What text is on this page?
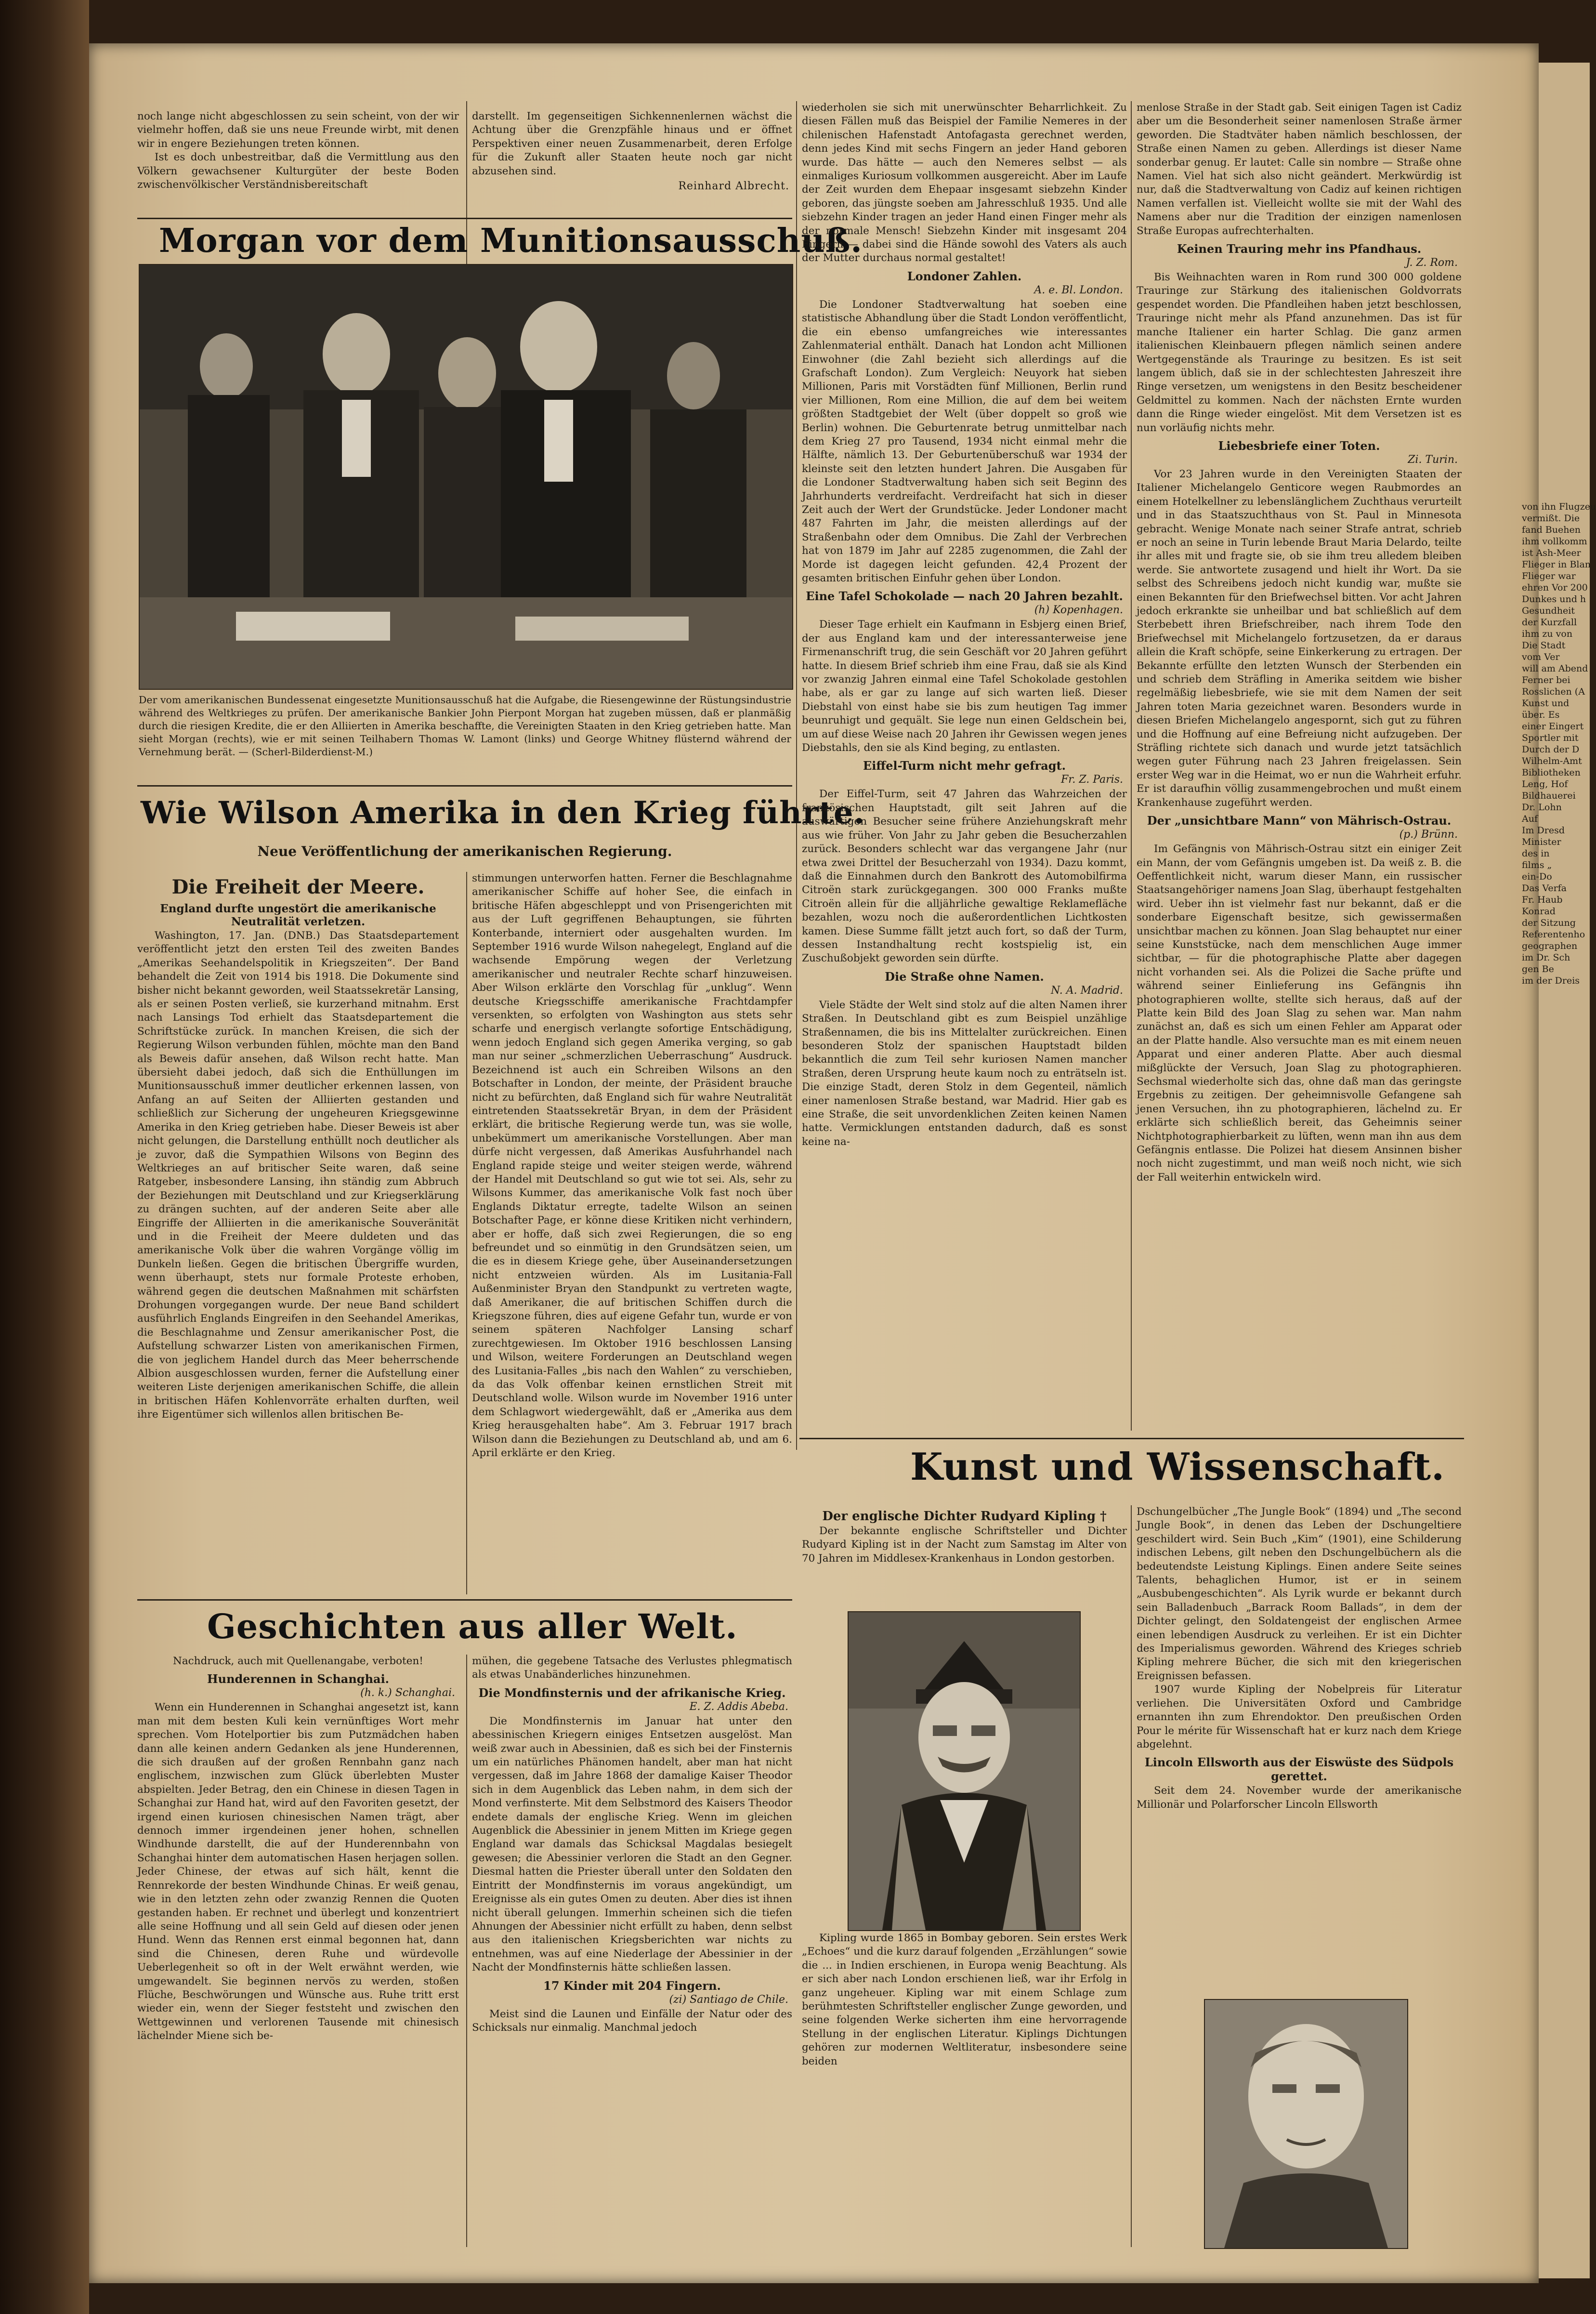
noch lange nicht abgeschlossen zu sein scheint, von der wir vielmehr hoffen, daß sie uns neue Freunde wirbt, mit denen wir in engere Beziehungen treten können.

Ist es doch unbestreitbar, daß die Vermittlung aus den Völkern gewachsener Kulturgüter der beste Boden zwischenvölkischer Verständnisbereitschaft

darstellt. Im gegenseitigen Sichkennenlernen wächst die Achtung über die Grenzpfähle hinaus und er öffnet Perspektiven einer neuen Zusammenarbeit, deren Erfolge für die Zukunft aller Staaten heute noch gar nicht abzusehen sind.

Reinhard Albrecht.

Morgan vor dem Munitionsausschuß.

Der vom amerikanischen Bundessenat eingesetzte Munitionsausschuß hat die Aufgabe, die Riesengewinne der Rüstungsindustrie während des Weltkrieges zu prüfen. Der amerikanische Bankier John Pierpont Morgan hat zugeben müssen, daß er planmäßig durch die riesigen Kredite, die er den Alliierten in Amerika beschaffte, die Vereinigten Staaten in den Krieg getrieben hatte. Man sieht Morgan (rechts), wie er mit seinen Teilhabern Thomas W. Lamont (links) und George Whitney flüsternd während der Vernehmung berät. — (Scherl-Bilderdienst-M.)

Wie Wilson Amerika in den Krieg führte.

Neue Veröffentlichung der amerikanischen Regierung.

Die Freiheit der Meere.

England durfte ungestört die amerikanische Neutralität verletzen.

Washington, 17. Jan. (DNB.) Das Staatsdepartement veröffentlicht jetzt den ersten Teil des zweiten Bandes „Amerikas Seehandelspolitik in Kriegszeiten“. Der Band behandelt die Zeit von 1914 bis 1918. Die Dokumente sind bisher nicht bekannt geworden, weil Staatssekretär Lansing, als er seinen Posten verließ, sie kurzerhand mitnahm. Erst nach Lansings Tod erhielt das Staatsdepartement die Schriftstücke zurück. In manchen Kreisen, die sich der Regierung Wilson verbunden fühlen, möchte man den Band als Beweis dafür ansehen, daß Wilson recht hatte. Man übersieht dabei jedoch, daß sich die Enthüllungen im Munitionsausschuß immer deutlicher erkennen lassen, von Anfang an auf Seiten der Alliierten gestanden und schließlich zur Sicherung der ungeheuren Kriegsgewinne Amerika in den Krieg getrieben habe. Dieser Beweis ist aber nicht gelungen, die Darstellung enthüllt noch deutlicher als je zuvor, daß die Sympathien Wilsons von Beginn des Weltkrieges an auf britischer Seite waren, daß seine Ratgeber, insbesondere Lansing, ihn ständig zum Abbruch der Beziehungen mit Deutschland und zur Kriegserklärung zu drängen suchten, auf der anderen Seite aber alle Eingriffe der Alliierten in die amerikanische Souveränität und in die Freiheit der Meere duldeten und das amerikanische Volk über die wahren Vorgänge völlig im Dunkeln ließen. Gegen die britischen Übergriffe wurden, wenn überhaupt, stets nur formale Proteste erhoben, während gegen die deutschen Maßnahmen mit schärfsten Drohungen vorgegangen wurde. Der neue Band schildert ausführlich Englands Eingreifen in den Seehandel Amerikas, die Beschlagnahme und Zensur amerikanischer Post, die Aufstellung schwarzer Listen von amerikanischen Firmen, die von jeglichem Handel durch das Meer beherrschende Albion ausgeschlossen wurden, ferner die Aufstellung einer weiteren Liste derjenigen amerikanischen Schiffe, die allein in britischen Häfen Kohlenvorräte erhalten durften, weil ihre Eigentümer sich willenlos allen britischen Be-

stimmungen unterworfen hatten. Ferner die Beschlagnahme amerikanischer Schiffe auf hoher See, die einfach in britische Häfen abgeschleppt und von Prisengerichten mit aus der Luft gegriffenen Behauptungen, sie führten Konterbande, interniert oder ausgehalten wurden. Im September 1916 wurde Wilson nahegelegt, England auf die wachsende Empörung wegen der Verletzung amerikanischer und neutraler Rechte scharf hinzuweisen. Aber Wilson erklärte den Vorschlag für „unklug“. Wenn deutsche Kriegsschiffe amerikanische Frachtdampfer versenkten, so erfolgten von Washington aus stets sehr scharfe und energisch verlangte sofortige Entschädigung, wenn jedoch England sich gegen Amerika verging, so gab man nur seiner „schmerzlichen Ueberraschung“ Ausdruck. Bezeichnend ist auch ein Schreiben Wilsons an den Botschafter in London, der meinte, der Präsident brauche nicht zu befürchten, daß England sich für wahre Neutralität eintretenden Staatssekretär Bryan, in dem der Präsident erklärt, die britische Regierung werde tun, was sie wolle, unbekümmert um amerikanische Vorstellungen. Aber man dürfe nicht vergessen, daß Amerikas Ausfuhrhandel nach England rapide steige und weiter steigen werde, während der Handel mit Deutschland so gut wie tot sei. Als, sehr zu Wilsons Kummer, das amerikanische Volk fast noch über Englands Diktatur erregte, tadelte Wilson an seinen Botschafter Page, er könne diese Kritiken nicht verhindern, aber er hoffe, daß sich zwei Regierungen, die so eng befreundet und so einmütig in den Grundsätzen seien, um die es in diesem Kriege gehe, über Auseinandersetzungen nicht entzweien würden. Als im Lusitania-Fall Außenminister Bryan den Standpunkt zu vertreten wagte, daß Amerikaner, die auf britischen Schiffen durch die Kriegszone führen, dies auf eigene Gefahr tun, wurde er von seinem späteren Nachfolger Lansing scharf zurechtgewiesen. Im Oktober 1916 beschlossen Lansing und Wilson, weitere Forderungen an Deutschland wegen des Lusitania-Falles „bis nach den Wahlen“ zu verschieben, da das Volk offenbar keinen ernstlichen Streit mit Deutschland wolle. Wilson wurde im November 1916 unter dem Schlagwort wiedergewählt, daß er „Amerika aus dem Krieg herausgehalten habe“. Am 3. Februar 1917 brach Wilson dann die Beziehungen zu Deutschland ab, und am 6. April erklärte er den Krieg.

Geschichten aus aller Welt.

Nachdruck, auch mit Quellenangabe, verboten!

Hunderennen in Schanghai.

(h. k.) Schanghai.

Wenn ein Hunderennen in Schanghai angesetzt ist, kann man mit dem besten Kuli kein vernünftiges Wort mehr sprechen. Vom Hotelportier bis zum Putzmädchen haben dann alle keinen andern Gedanken als jene Hunderennen, die sich draußen auf der großen Rennbahn ganz nach englischem, inzwischen zum Glück überlebten Muster abspielten. Jeder Betrag, den ein Chinese in diesen Tagen in Schanghai zur Hand hat, wird auf den Favoriten gesetzt, der irgend einen kuriosen chinesischen Namen trägt, aber dennoch immer irgendeinen jener hohen, schnellen Windhunde darstellt, die auf der Hunderennbahn von Schanghai hinter dem automatischen Hasen herjagen sollen. Jeder Chinese, der etwas auf sich hält, kennt die Rennrekorde der besten Windhunde Chinas. Er weiß genau, wie in den letzten zehn oder zwanzig Rennen die Quoten gestanden haben. Er rechnet und überlegt und konzentriert alle seine Hoffnung und all sein Geld auf diesen oder jenen Hund. Wenn das Rennen erst einmal begonnen hat, dann sind die Chinesen, deren Ruhe und würdevolle Ueberlegenheit so oft in der Welt erwähnt werden, wie umgewandelt. Sie beginnen nervös zu werden, stoßen Flüche, Beschwörungen und Wünsche aus. Ruhe tritt erst wieder ein, wenn der Sieger feststeht und zwischen den Wettgewinnen und verlorenen Tausende mit chinesisch lächelnder Miene sich be-

mühen, die gegebene Tatsache des Verlustes phlegmatisch als etwas Unabänderliches hinzunehmen.

Die Mondfinsternis und der afrikanische Krieg.

E. Z. Addis Abeba.

Die Mondfinsternis im Januar hat unter den abessinischen Kriegern einiges Entsetzen ausgelöst. Man weiß zwar auch in Abessinien, daß es sich bei der Finsternis um ein natürliches Phänomen handelt, aber man hat nicht vergessen, daß im Jahre 1868 der damalige Kaiser Theodor sich in dem Augenblick das Leben nahm, in dem sich der Mond verfinsterte. Mit dem Selbstmord des Kaisers Theodor endete damals der englische Krieg. Wenn im gleichen Augenblick die Abessinier in jenem Mitten im Kriege gegen England war damals das Schicksal Magdalas besiegelt gewesen; die Abessinier verloren die Stadt an den Gegner. Diesmal hatten die Priester überall unter den Soldaten den Eintritt der Mondfinsternis im voraus angekündigt, um Ereignisse als ein gutes Omen zu deuten. Aber dies ist ihnen nicht überall gelungen. Immerhin scheinen sich die tiefen Ahnungen der Abessinier nicht erfüllt zu haben, denn selbst aus den italienischen Kriegsberichten war nichts zu entnehmen, was auf eine Niederlage der Abessinier in der Nacht der Mondfinsternis hätte schließen lassen.

17 Kinder mit 204 Fingern.

(zi) Santiago de Chile.

Meist sind die Launen und Einfälle der Natur oder des Schicksals nur einmalig. Manchmal jedoch

wiederholen sie sich mit unerwünschter Beharrlichkeit. Zu diesen Fällen muß das Beispiel der Familie Nemeres in der chilenischen Hafenstadt Antofagasta gerechnet werden, denn jedes Kind mit sechs Fingern an jeder Hand geboren wurde. Das hätte — auch den Nemeres selbst — als einmaliges Kuriosum vollkommen ausgereicht. Aber im Laufe der Zeit wurden dem Ehepaar insgesamt siebzehn Kinder geboren, das jüngste soeben am Jahresschluß 1935. Und alle siebzehn Kinder tragen an jeder Hand einen Finger mehr als der normale Mensch! Siebzehn Kinder mit insgesamt 204 Fingern — dabei sind die Hände sowohl des Vaters als auch der Mutter durchaus normal gestaltet!

Londoner Zahlen.

A. e. Bl. London.

Die Londoner Stadtverwaltung hat soeben eine statistische Abhandlung über die Stadt London veröffentlicht, die ein ebenso umfangreiches wie interessantes Zahlenmaterial enthält. Danach hat London acht Millionen Einwohner (die Zahl bezieht sich allerdings auf die Grafschaft London). Zum Vergleich: Neuyork hat sieben Millionen, Paris mit Vorstädten fünf Millionen, Berlin rund vier Millionen, Rom eine Million, die auf dem bei weitem größten Stadtgebiet der Welt (über doppelt so groß wie Berlin) wohnen. Die Geburtenrate betrug unmittelbar nach dem Krieg 27 pro Tausend, 1934 nicht einmal mehr die Hälfte, nämlich 13. Der Geburtenüberschuß war 1934 der kleinste seit den letzten hundert Jahren. Die Ausgaben für die Londoner Stadtverwaltung haben sich seit Beginn des Jahrhunderts verdreifacht. Verdreifacht hat sich in dieser Zeit auch der Wert der Grundstücke. Jeder Londoner macht 487 Fahrten im Jahr, die meisten allerdings auf der Straßenbahn oder dem Omnibus. Die Zahl der Verbrechen hat von 1879 im Jahr auf 2285 zugenommen, die Zahl der Morde ist dagegen leicht gefunden. 42,4 Prozent der gesamten britischen Einfuhr gehen über London.

Eine Tafel Schokolade — nach 20 Jahren bezahlt.

(h) Kopenhagen.

Dieser Tage erhielt ein Kaufmann in Esbjerg einen Brief, der aus England kam und der interessanterweise jene Firmenanschrift trug, die sein Geschäft vor 20 Jahren geführt hatte. In diesem Brief schrieb ihm eine Frau, daß sie als Kind vor zwanzig Jahren einmal eine Tafel Schokolade gestohlen habe, als er gar zu lange auf sich warten ließ. Dieser Diebstahl von einst habe sie bis zum heutigen Tag immer beunruhigt und gequält. Sie lege nun einen Geldschein bei, um auf diese Weise nach 20 Jahren ihr Gewissen wegen jenes Diebstahls, den sie als Kind beging, zu entlasten.

Eiffel-Turm nicht mehr gefragt.

Fr. Z. Paris.

Der Eiffel-Turm, seit 47 Jahren das Wahrzeichen der französischen Hauptstadt, gilt seit Jahren auf die auswärtigen Besucher seine frühere Anziehungskraft mehr aus wie früher. Von Jahr zu Jahr geben die Besucherzahlen zurück. Besonders schlecht war das vergangene Jahr (nur etwa zwei Drittel der Besucherzahl von 1934). Dazu kommt, daß die Einnahmen durch den Bankrott des Automobilfirma Citroën stark zurückgegangen. 300 000 Franks mußte Citroën allein für die alljährliche gewaltige Reklamefläche bezahlen, wozu noch die außerordentlichen Lichtkosten kamen. Diese Summe fällt jetzt auch fort, so daß der Turm, dessen Instandhaltung recht kostspielig ist, ein Zuschußobjekt geworden sein dürfte.

Die Straße ohne Namen.

N. A. Madrid.

Viele Städte der Welt sind stolz auf die alten Namen ihrer Straßen. In Deutschland gibt es zum Beispiel unzählige Straßennamen, die bis ins Mittelalter zurückreichen. Einen besonderen Stolz der spanischen Hauptstadt bilden bekanntlich die zum Teil sehr kuriosen Namen mancher Straßen, deren Ursprung heute kaum noch zu enträtseln ist. Die einzige Stadt, deren Stolz in dem Gegenteil, nämlich einer namenlosen Straße bestand, war Madrid. Hier gab es eine Straße, die seit unvordenklichen Zeiten keinen Namen hatte. Vermicklungen entstanden dadurch, daß es sonst keine na-

menlose Straße in der Stadt gab. Seit einigen Tagen ist Cadiz aber um die Besonderheit seiner namenlosen Straße ärmer geworden. Die Stadtväter haben nämlich beschlossen, der Straße einen Namen zu geben. Allerdings ist dieser Name sonderbar genug. Er lautet: Calle sin nombre — Straße ohne Namen. Viel hat sich also nicht geändert. Merkwürdig ist nur, daß die Stadtverwaltung von Cadiz auf keinen richtigen Namen verfallen ist. Vielleicht wollte sie mit der Wahl des Namens aber nur die Tradition der einzigen namenlosen Straße Europas aufrechterhalten.

Keinen Trauring mehr ins Pfandhaus.

J. Z. Rom.

Bis Weihnachten waren in Rom rund 300 000 goldene Trauringe zur Stärkung des italienischen Goldvorrats gespendet worden. Die Pfandleihen haben jetzt beschlossen, Trauringe nicht mehr als Pfand anzunehmen. Das ist für manche Italiener ein harter Schlag. Die ganz armen italienischen Kleinbauern pflegen nämlich seinen andere Wertgegenstände als Trauringe zu besitzen. Es ist seit langem üblich, daß sie in der schlechtesten Jahreszeit ihre Ringe versetzen, um wenigstens in den Besitz bescheidener Geldmittel zu kommen. Nach der nächsten Ernte wurden dann die Ringe wieder eingelöst. Mit dem Versetzen ist es nun vorläufig nichts mehr.

Liebesbriefe einer Toten.

Zi. Turin.

Vor 23 Jahren wurde in den Vereinigten Staaten der Italiener Michelangelo Genticore wegen Raubmordes an einem Hotelkellner zu lebenslänglichem Zuchthaus verurteilt und in das Staatszuchthaus von St. Paul in Minnesota gebracht. Wenige Monate nach seiner Strafe antrat, schrieb er noch an seine in Turin lebende Braut Maria Delardo, teilte ihr alles mit und fragte sie, ob sie ihm treu alledem bleiben werde. Sie antwortete zusagend und hielt ihr Wort. Da sie selbst des Schreibens jedoch nicht kundig war, mußte sie einen Bekannten für den Briefwechsel bitten. Vor acht Jahren jedoch erkrankte sie unheilbar und bat schließlich auf dem Sterbebett ihren Briefschreiber, nach ihrem Tode den Briefwechsel mit Michelangelo fortzusetzen, da er daraus allein die Kraft schöpfe, seine Einkerkerung zu ertragen. Der Bekannte erfüllte den letzten Wunsch der Sterbenden ein und schrieb dem Sträfling in Amerika seitdem wie bisher regelmäßig liebesbriefe, wie sie mit dem Namen der seit Jahren toten Maria gezeichnet waren. Besonders wurde in diesen Briefen Michelangelo angespornt, sich gut zu führen und die Hoffnung auf eine Befreiung nicht aufzugeben. Der Sträfling richtete sich danach und wurde jetzt tatsächlich wegen guter Führung nach 23 Jahren freigelassen. Sein erster Weg war in die Heimat, wo er nun die Wahrheit erfuhr. Er ist daraufhin völlig zusammengebrochen und mußt einem Krankenhause zugeführt werden.

Der „unsichtbare Mann“ von Mährisch-Ostrau.

(p.) Brünn.

Im Gefängnis von Mährisch-Ostrau sitzt ein einiger Zeit ein Mann, der vom Gefängnis umgeben ist. Da weiß z. B. die Oeffentlichkeit nicht, warum dieser Mann, ein russischer Staatsangehöriger namens Joan Slag, überhaupt festgehalten wird. Ueber ihn ist vielmehr fast nur bekannt, daß er die sonderbare Eigenschaft besitze, sich gewissermaßen unsichtbar machen zu können. Joan Slag behauptet nur einer seine Kunststücke, nach dem menschlichen Auge immer sichtbar, — für die photographische Platte aber dagegen nicht vorhanden sei. Als die Polizei die Sache prüfte und während seiner Einlieferung ins Gefängnis ihn photographieren wollte, stellte sich heraus, daß auf der Platte kein Bild des Joan Slag zu sehen war. Man nahm zunächst an, daß es sich um einen Fehler am Apparat oder an der Platte handle. Also versuchte man es mit einem neuen Apparat und einer anderen Platte. Aber auch diesmal mißglückte der Versuch, Joan Slag zu photographieren. Sechsmal wiederholte sich das, ohne daß man das geringste Ergebnis zu zeitigen. Der geheimnisvolle Gefangene sah jenen Versuchen, ihn zu photographieren, lächelnd zu. Er erklärte sich schließlich bereit, das Geheimnis seiner Nichtphotographierbarkeit zu lüften, wenn man ihn aus dem Gefängnis entlasse. Die Polizei hat diesem Ansinnen bisher noch nicht zugestimmt, und man weiß noch nicht, wie sich der Fall weiterhin entwickeln wird.

Kunst und Wissenschaft.

Der englische Dichter Rudyard Kipling †

Der bekannte englische Schriftsteller und Dichter Rudyard Kipling ist in der Nacht zum Samstag im Alter von 70 Jahren im Middlesex-Krankenhaus in London gestorben.

Kipling wurde 1865 in Bombay geboren. Sein erstes Werk „Echoes“ und die kurz darauf folgenden „Erzählungen“ sowie die ... in Indien erschienen, in Europa wenig Beachtung. Als er sich aber nach London erschienen ließ, war ihr Erfolg in ganz ungeheuer. Kipling war mit einem Schlage zum berühmtesten Schriftsteller englischer Zunge geworden, und seine folgenden Werke sicherten ihm eine hervorragende Stellung in der englischen Literatur. Kiplings Dichtungen gehören zur modernen Weltliteratur, insbesondere seine beiden

Dschungelbücher „The Jungle Book“ (1894) und „The second Jungle Book“, in denen das Leben der Dschungeltiere geschildert wird. Sein Buch „Kim“ (1901), eine Schilderung indischen Lebens, gilt neben den Dschungelbüchern als die bedeutendste Leistung Kiplings. Einen andere Seite seines Talents, behaglichen Humor, ist er in seinem „Ausbubengeschichten“. Als Lyrik wurde er bekannt durch sein Balladenbuch „Barrack Room Ballads“, in dem der Dichter gelingt, den Soldatengeist der englischen Armee einen lebendigen Ausdruck zu verleihen. Er ist ein Dichter des Imperialismus geworden. Während des Krieges schrieb Kipling mehrere Bücher, die sich mit den kriegerischen Ereignissen befassen.

1907 wurde Kipling der Nobelpreis für Literatur verliehen. Die Universitäten Oxford und Cambridge ernannten ihn zum Ehrendoktor. Den preußischen Orden Pour le mérite für Wissenschaft hat er kurz nach dem Kriege abgelehnt.

Lincoln Ellsworth aus der Eiswüste des Südpols gerettet.

Seit dem 24. November wurde der amerikanische Millionär und Polarforscher Lincoln Ellsworth

von ihn Flugzeu
vermißt. Die
fand Buehen
ihm vollkomm
ist Ash-Meer
Flieger in Blan
Flieger war
ehren Vor 200
Dunkes und h
Gesundheit
der Kurzfall
ihm zu von
Die Stadt
vom Ver
will am Abend
Ferner bei
Rosslichen (A
Kunst und
über. Es
einer Eingert
Sportler mit
Durch der D
Wilhelm-Amt
Bibliotheken
Leng, Hof
Bildhauerei
Dr. Lohn
Auf
Im Dresd
Minister
des in
films „
ein-Do
Das Verfa
Fr. Haub
Konrad
der Sitzung
Referentenho
geographen
im Dr. Sch
gen Be
im der Dreis
